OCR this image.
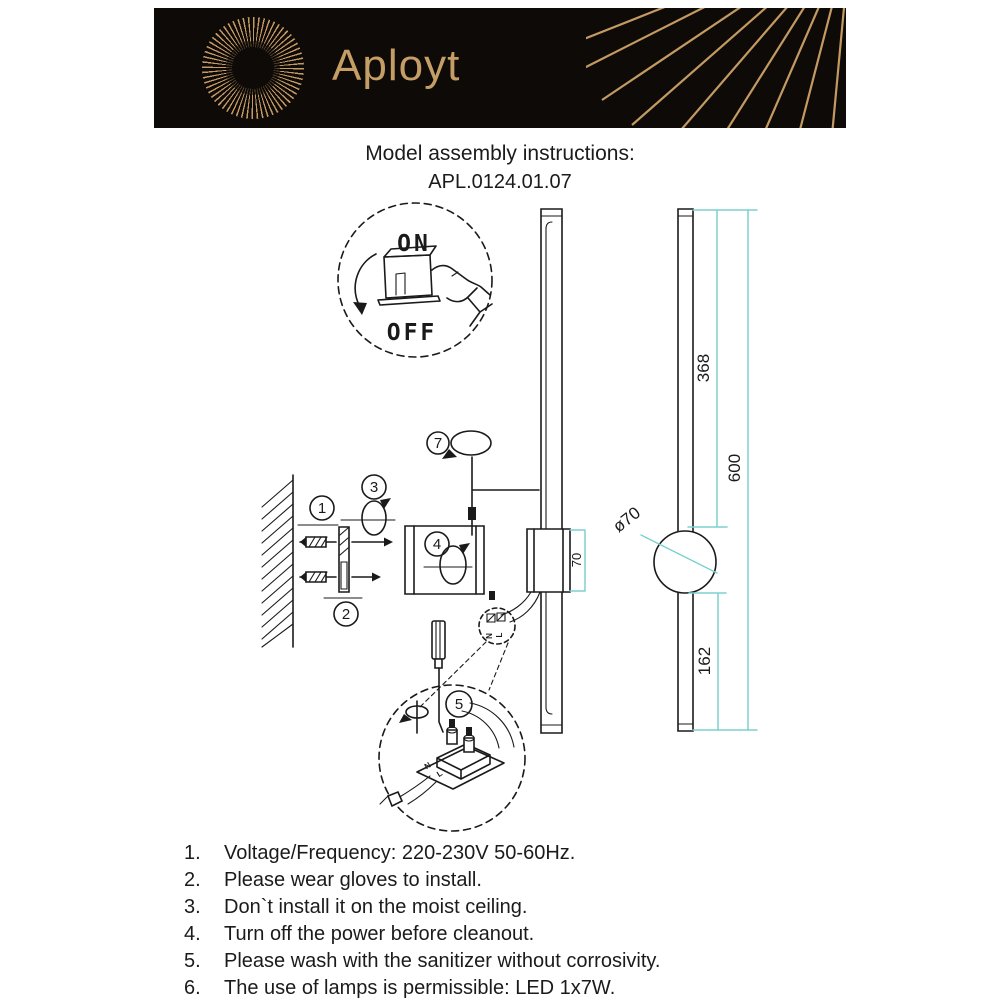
Aployt
Model assembly instructions:
APL.0124.01.07
ON
OFF
1
2
3
4
7
70
N L
5
N
L
368
600
162
ø70
1.	Voltage/Frequency: 220-230V 50-60Hz.
2.	Please wear gloves to install.
3.	Don`t install it on the moist ceiling.
4.	Turn off the power before cleanout.
5.	Please wash with the sanitizer without corrosivity.
6.	The use of lamps is permissible: LED 1x7W.
